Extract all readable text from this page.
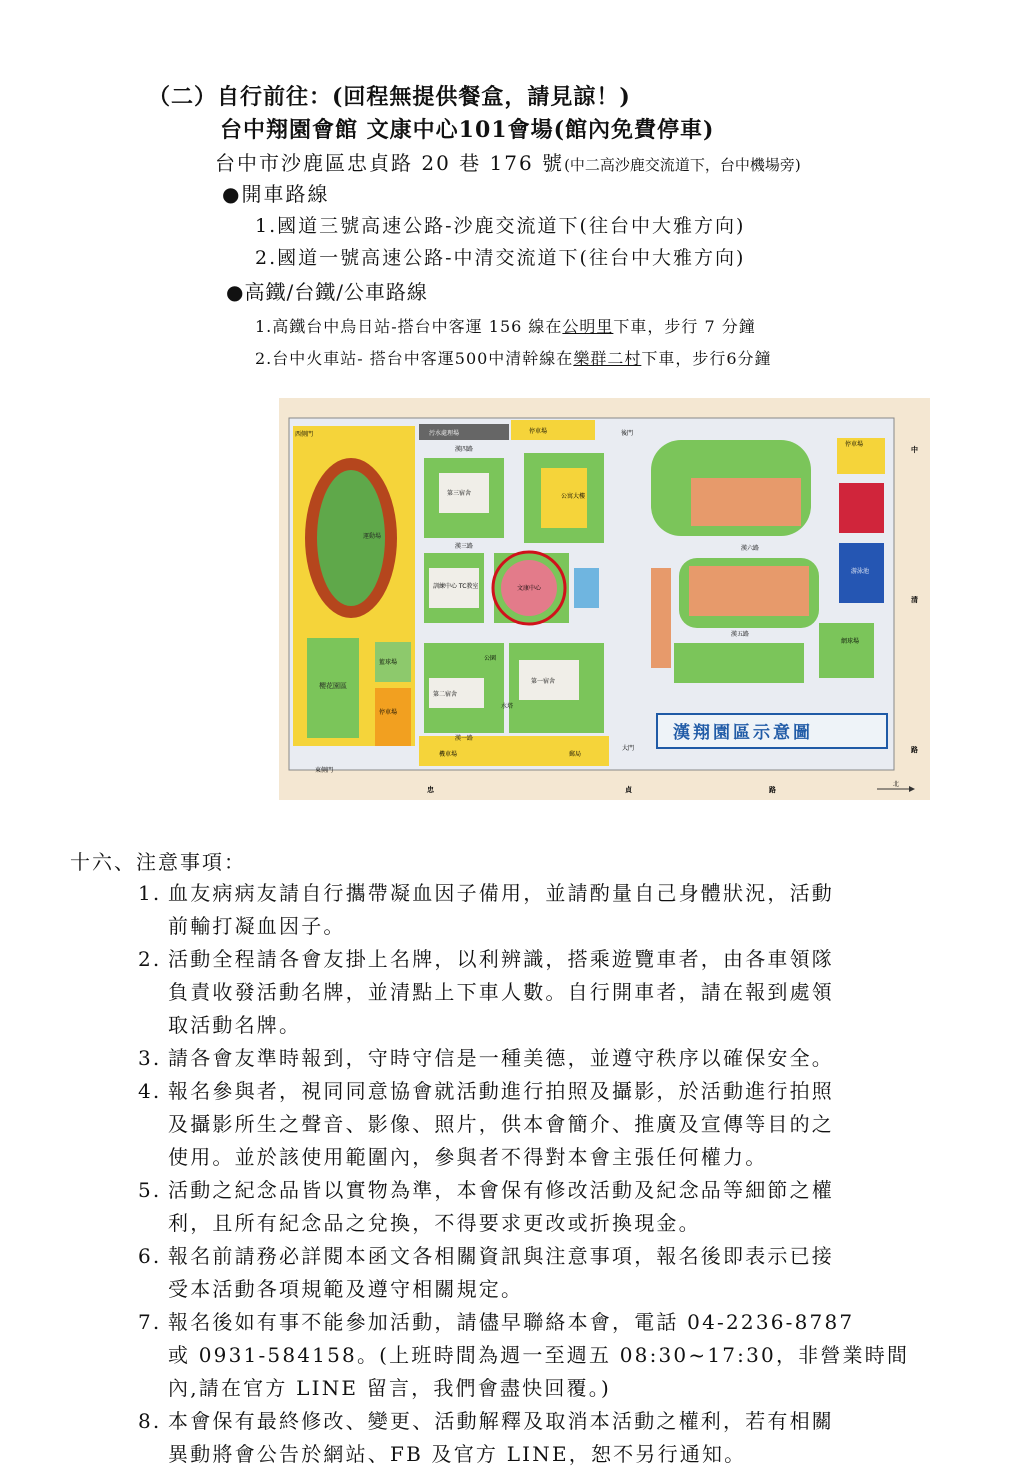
（二）自行前往：(回程無提供餐盒，請見諒！)
台中翔園會館 文康中心101會場(館內免費停車)
台中市沙鹿區忠貞路 20 巷 176 號(中二高沙鹿交流道下，台中機場旁)
●開車路線
1.國道三號高速公路-沙鹿交流道下(往台中大雅方向)
2.國道一號高速公路-中清交流道下(往台中大雅方向)
●高鐵/台鐵/公車路線
1.高鐵台中烏日站-搭台中客運 156 線在公明里下車，步行 7 分鐘
2.台中火車站- 搭台中客運500中清幹線在樂群二村下車，步行6分鐘
運動場
櫻花園區
停車場
籃球場
西側門
東側門
污水處理場	停車場	後門
第三宿舍	公寓大樓
訓練中心 TC教室	文康中心
第二宿舍
第一宿舍
公園
水塔
機車場	郵局
大門
漢四路
漢三路
漢一路
漢六路
漢五路
停車場
游泳池
網球場
漢翔園區示意圖
忠	貞	路
中
清
路
北
十六、注意事項：
1. 血友病病友請自行攜帶凝血因子備用，並請酌量自己身體狀況，活動
前輸打凝血因子。
2. 活動全程請各會友掛上名牌，以利辨識，搭乘遊覽車者，由各車領隊
負責收發活動名牌，並清點上下車人數。自行開車者，請在報到處領
取活動名牌。
3. 請各會友準時報到，守時守信是一種美德，並遵守秩序以確保安全。
4. 報名參與者，視同同意協會就活動進行拍照及攝影，於活動進行拍照
及攝影所生之聲音、影像、照片，供本會簡介、推廣及宣傳等目的之
使用。並於該使用範圍內，參與者不得對本會主張任何權力。
5. 活動之紀念品皆以實物為準，本會保有修改活動及紀念品等細節之權
利，且所有紀念品之兌換，不得要求更改或折換現金。
6. 報名前請務必詳閱本函文各相關資訊與注意事項，報名後即表示已接
受本活動各項規範及遵守相關規定。
7. 報名後如有事不能參加活動，請儘早聯絡本會，電話 04-2236-8787
或 0931-584158。(上班時間為週一至週五 08:30~17:30，非營業時間
內,請在官方 LINE 留言，我們會盡快回覆。)
8. 本會保有最終修改、變更、活動解釋及取消本活動之權利，若有相關
異動將會公告於網站、FB 及官方 LINE，恕不另行通知。
